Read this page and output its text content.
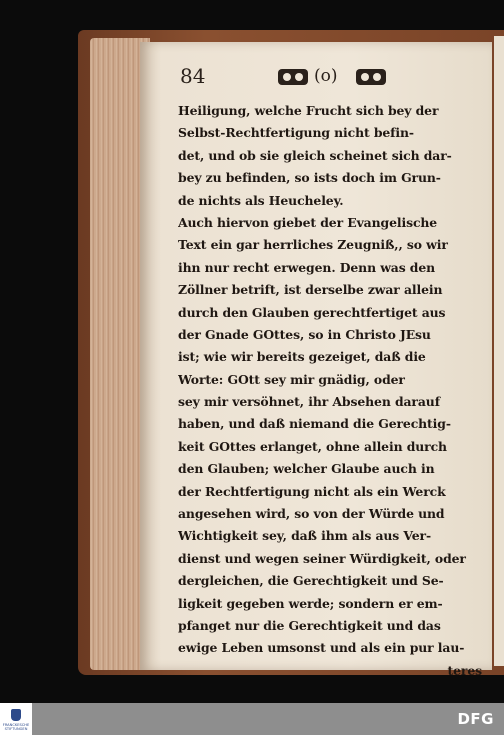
84	(o)
Heiligung, welche Frucht sich bey der
Selbst-Rechtfertigung nicht befin-
det, und ob sie gleich scheinet sich dar-
bey zu befinden, so ists doch im Grun-
de nichts als Heucheley.
Auch hiervon giebet der Evangelische
Text ein gar herrliches Zeugniß,, so wir
ihn nur recht erwegen. Denn was den
Zöllner betrift, ist derselbe zwar allein
durch den Glauben gerechtfertiget aus
der Gnade GOttes, so in Christo JEsu
ist; wie wir bereits gezeiget, daß die
Worte: GOtt sey mir gnädig, oder
sey mir versöhnet, ihr Absehen darauf
haben, und daß niemand die Gerechtig-
keit GOttes erlanget, ohne allein durch
den Glauben; welcher Glaube auch in
der Rechtfertigung nicht als ein Werck
angesehen wird, so von der Würde und
Wichtigkeit sey, daß ihm als aus Ver-
dienst und wegen seiner Würdigkeit, oder
dergleichen, die Gerechtigkeit und Se-
ligkeit gegeben werde; sondern er em-
pfanget nur die Gerechtigkeit und das
ewige Leben umsonst und als ein pur lau-
teres
FRANCKESCHE
STIFTUNGEN
DFG
